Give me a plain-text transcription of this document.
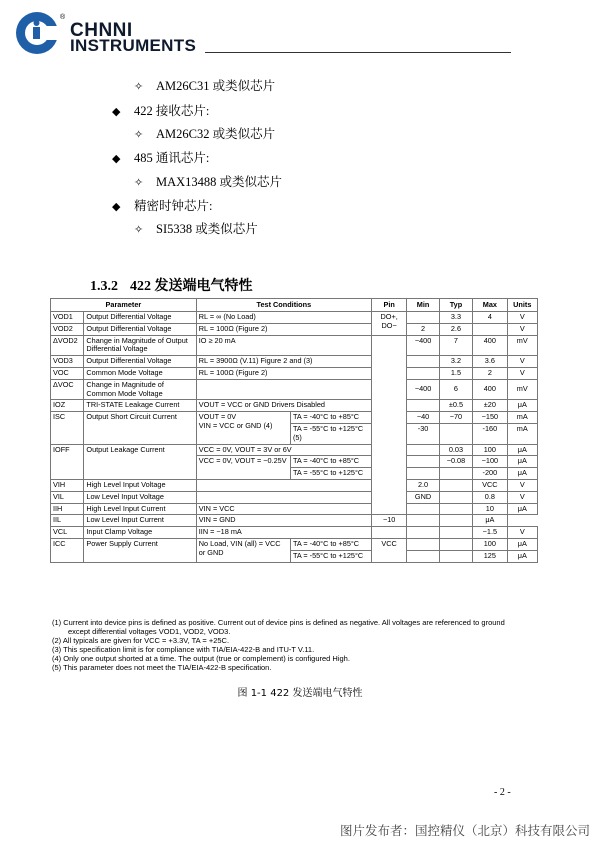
®
CHNNI
INSTRUMENTS
✧ AM26C31 或类似芯片
◆ 422 接收芯片:
✧ AM26C32 或类似芯片
◆ 485 通讯芯片:
✧ MAX13488 或类似芯片
◆ 精密时钟芯片:
✧ SI5338 或类似芯片
1.3.2 422 发送端电气特性
Parameter		Test Conditions		Pin	Min	Typ	Max	Units
VOD1	Output Differential Voltage	RL = ∞ (No Load)		DO+, DO−		3.3	4	V
VOD2	Output Differential Voltage	RL = 100Ω (Figure 2)			2	2.6		V
ΔVOD2	Change in Magnitude of Output Differential Voltage	IO ≥ 20 mA			−400	7	400	mV
VOD3	Output Differential Voltage	RL = 3900Ω (V.11) Figure 2 and (3)				3.2	3.6	V
VOC	Common Mode Voltage	RL = 100Ω (Figure 2)				1.5	2	V
ΔVOC	Change in Magnitude of Common Mode Voltage				−400	6	400	mV
IOZ	TRI-STATE Leakage Current	VOUT = VCC or GND Drivers Disabled				±0.5	±20	μA
ISC	Output Short Circuit Current	VOUT = 0V
VIN = VCC or GND (4)	TA = -40°C to +85°C		−40	−70	−150	mA
			TA = -55°C to +125°C (5)		-30		-160	mA
IOFF	Output Leakage Current	VCC = 0V, VOUT = 3V or 6V				0.03	100	μA
		VCC = 0V, VOUT = −0.25V	TA = -40°C to +85°C			−0.08	−100	μA
			TA = -55°C to +125°C				-200	μA
VIH	High Level Input Voltage				2.0		VCC	V
VIL	Low Level Input Voltage				GND		0.8	V
IIH	High Level Input Current	VIN = VCC					10	μA
IIL	Low Level Input Current	VIN = GND		−10			μA	
VCL	Input Clamp Voltage	IIN = −18 mA					−1.5	V
ICC	Power Supply Current	No Load, VIN (all) = VCC or GND	TA = -40°C to +85°C	VCC			100	μA
			TA = -55°C to +125°C				125	μA
(1) Current into device pins is defined as positive. Current out of device pins is defined as negative. All voltages are referenced to ground
except differential voltages VOD1, VOD2, VOD3.
(2) All typicals are given for VCC = +3.3V, TA = +25C.
(3) This specification limit is for compliance with TIA/EIA-422-B and ITU-T V.11.
(4) Only one output shorted at a time. The output (true or complement) is configured High.
(5) This parameter does not meet the TIA/EIA-422-B specification.
图 1-1 422 发送端电气特性
- 2 -
图片发布者：国控精仪（北京）科技有限公司
